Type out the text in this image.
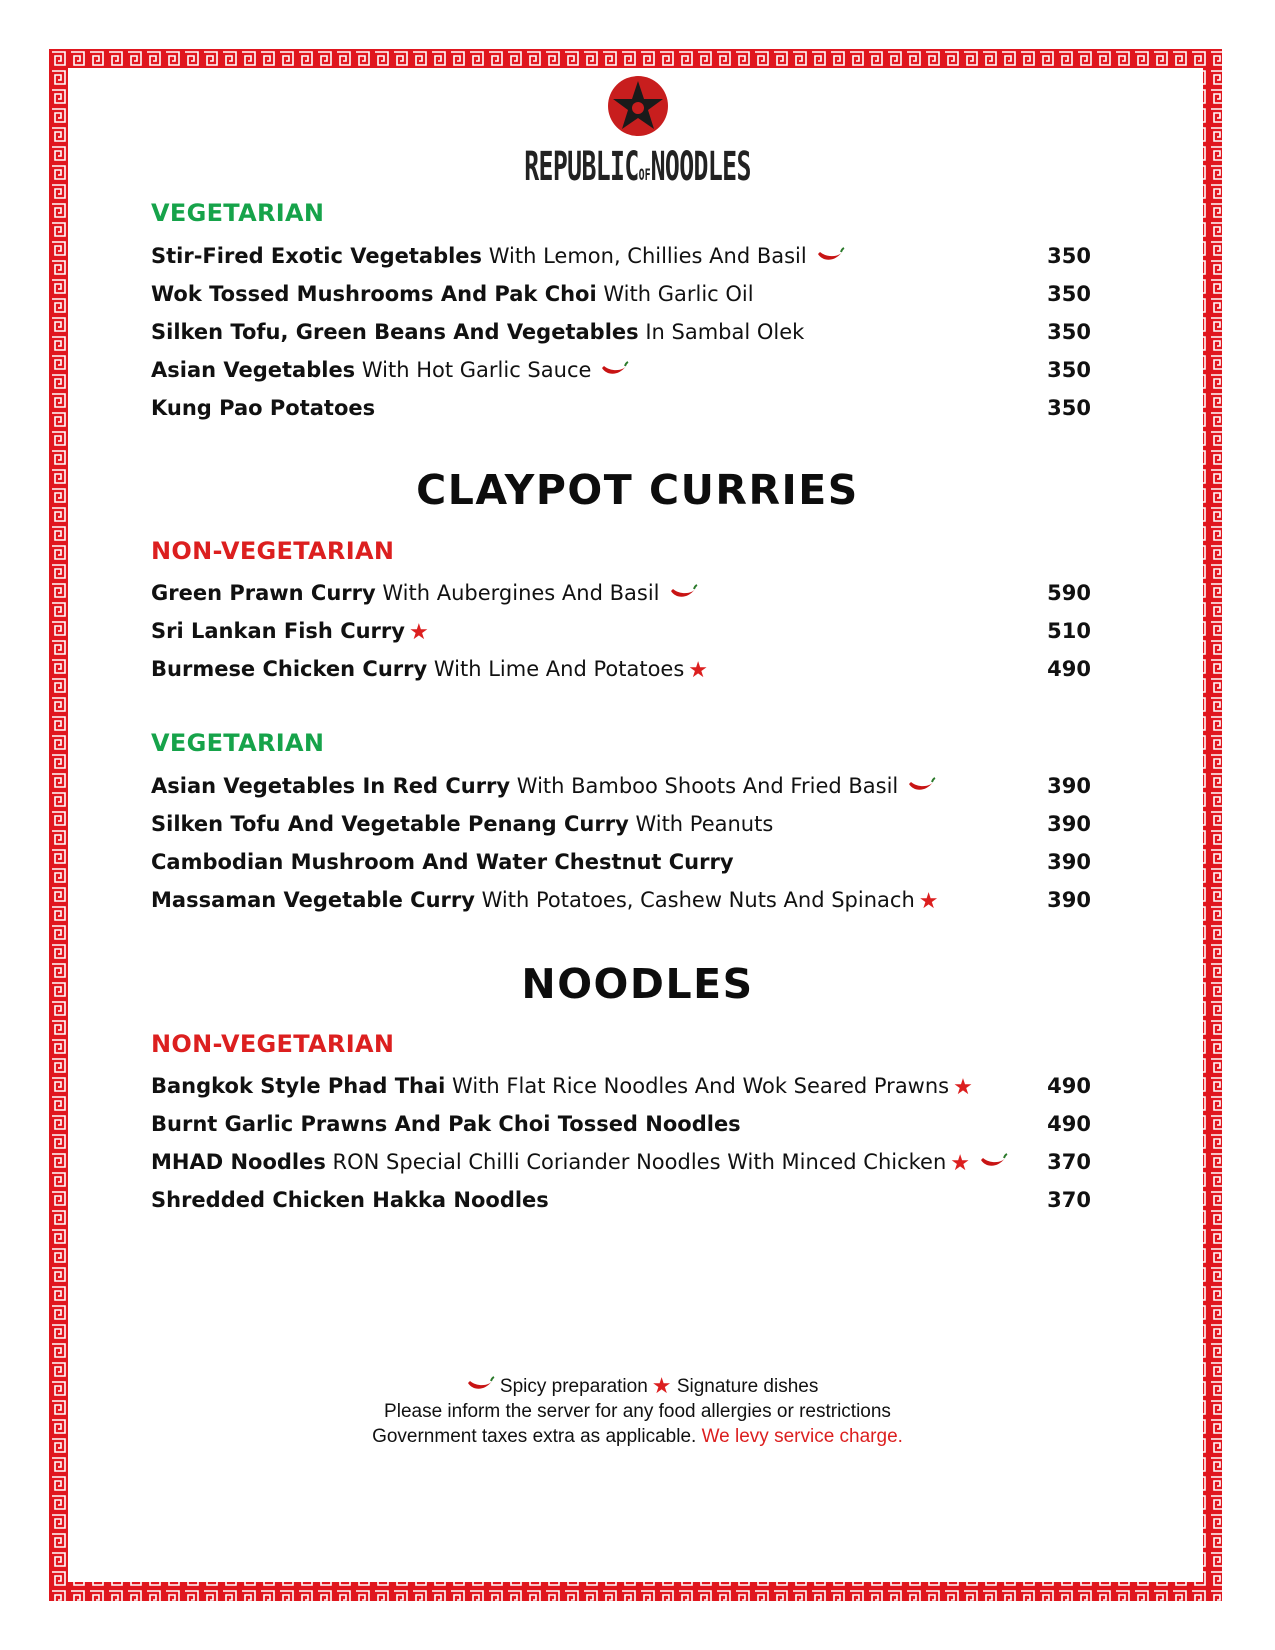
REPUBLICOFNOODLES
VEGETARIAN
Stir-Fired Exotic Vegetables With Lemon, Chillies And Basil	350
Wok Tossed Mushrooms And Pak Choi With Garlic Oil	350
Silken Tofu, Green Beans And Vegetables In Sambal Olek	350
Asian Vegetables With Hot Garlic Sauce	350
Kung Pao Potatoes	350
CLAYPOT CURRIES
NON-VEGETARIAN
Green Prawn Curry With Aubergines And Basil	590
Sri Lankan Fish Curry ★	510
Burmese Chicken Curry With Lime And Potatoes ★	490
VEGETARIAN
Asian Vegetables In Red Curry With Bamboo Shoots And Fried Basil	390
Silken Tofu And Vegetable Penang Curry With Peanuts	390
Cambodian Mushroom And Water Chestnut Curry	390
Massaman Vegetable Curry With Potatoes, Cashew Nuts And Spinach ★	390
NOODLES
NON-VEGETARIAN
Bangkok Style Phad Thai With Flat Rice Noodles And Wok Seared Prawns ★	490
Burnt Garlic Prawns And Pak Choi Tossed Noodles	490
MHAD Noodles RON Special Chilli Coriander Noodles With Minced Chicken ★	370
Shredded Chicken Hakka Noodles	370
Spicy preparation ★ Signature dishes
Please inform the server for any food allergies or restrictions
Government taxes extra as applicable. We levy service charge.
